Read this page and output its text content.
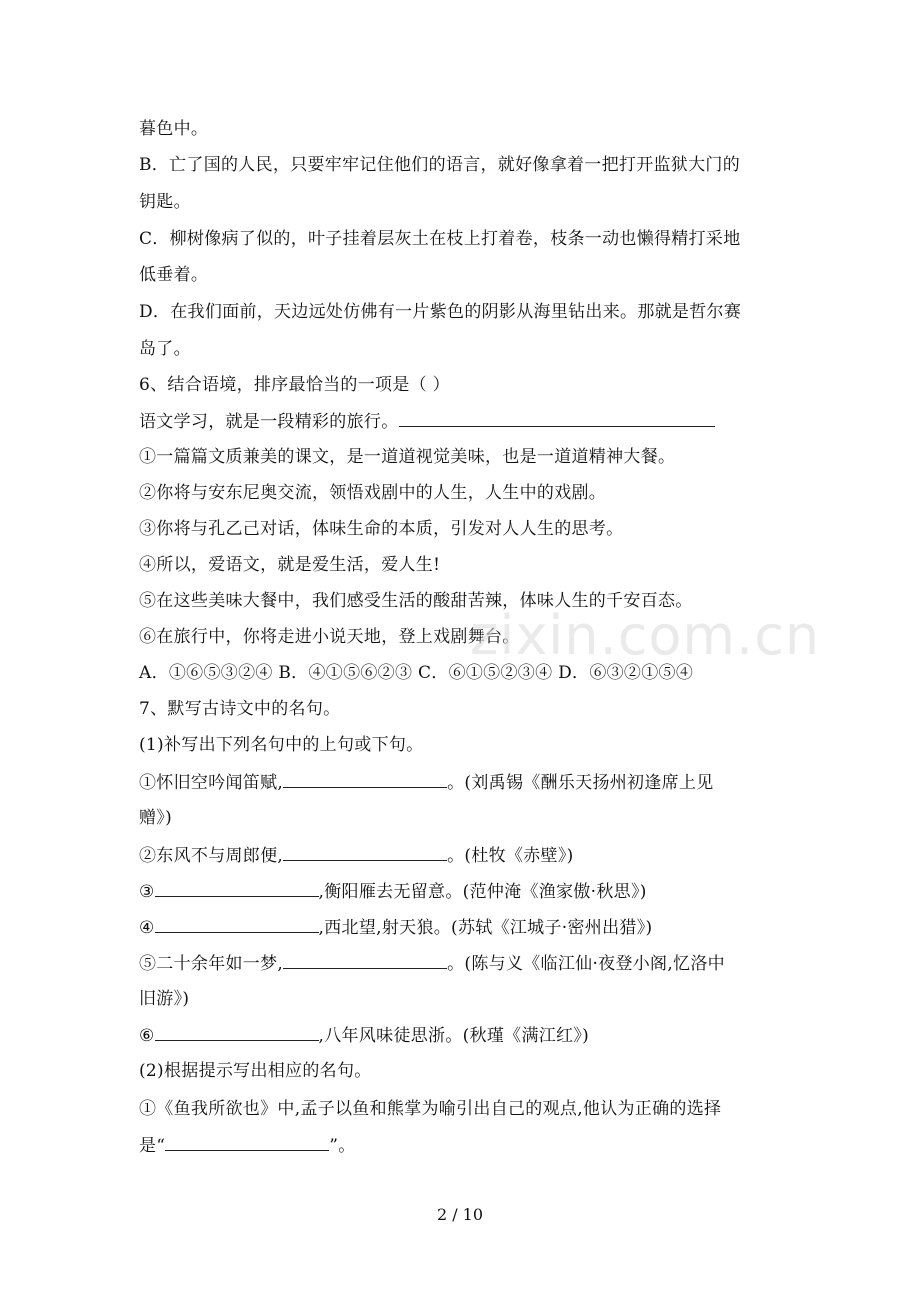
暮色中。
B．亡了国的人民，只要牢牢记住他们的语言，就好像拿着一把打开监狱大门的
钥匙。
C．柳树像病了似的，叶子挂着层灰土在枝上打着卷，枝条一动也懒得精打采地
低垂着。
D．在我们面前，天边远处仿佛有一片紫色的阴影从海里钻出来。那就是哲尔赛
岛了。
6、结合语境，排序最恰当的一项是（ ）
语文学习，就是一段精彩的旅行。
①一篇篇文质兼美的课文，是一道道视觉美味，也是一道道精神大餐。
②你将与安东尼奥交流，领悟戏剧中的人生，人生中的戏剧。
③你将与孔乙己对话，体味生命的本质，引发对人人生的思考。
④所以，爱语文，就是爱生活，爱人生!
⑤在这些美味大餐中，我们感受生活的酸甜苦辣，体味人生的千安百态。
⑥在旅行中，你将走进小说天地，登上戏剧舞台。
A．①⑥⑤③②④ B．④①⑤⑥②③ C．⑥①⑤②③④ D．⑥③②①⑤④
7、默写古诗文中的名句。
(1)补写出下列名句中的上句或下句。
①怀旧空吟闻笛赋,	。(刘禹锡《酬乐天扬州初逢席上见
赠》)
②东风不与周郎便,	。(杜牧《赤壁》)
③	,衡阳雁去无留意。(范仲淹《渔家傲·秋思》)
④	,西北望,射天狼。(苏轼《江城子·密州出猎》)
⑤二十余年如一梦,	。(陈与义《临江仙·夜登小阁,忆洛中
旧游》)
⑥	,八年风味徒思浙。(秋瑾《满江红》)
(2)根据提示写出相应的名句。
①《鱼我所欲也》中,孟子以鱼和熊掌为喻引出自己的观点,他认为正确的选择
是“	”。
zixin.com.cn
2 / 10
